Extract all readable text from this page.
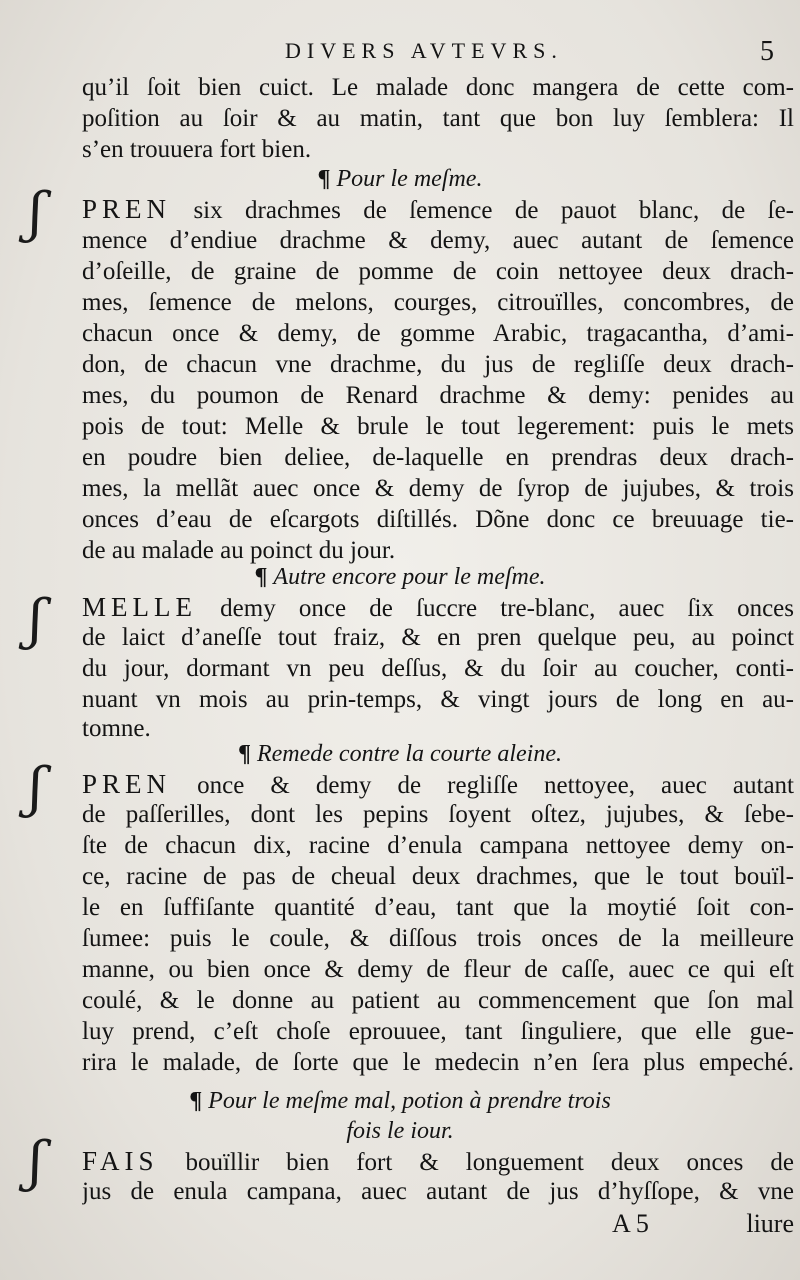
DIVERS AVTEVRS.	5
qu’il ſoit bien cuict. Le malade donc mangera de cette com-
poſition au ſoir & au matin, tant que bon luy ſemblera: Il
s’en trouuera fort bien.
¶ Pour le meſme.
ʃ	PREN six drachmes de ſemence de pauot blanc, de ſe-
mence d’endiue drachme & demy, auec autant de ſemence
d’oſeille, de graine de pomme de coin nettoyee deux drach-
mes, ſemence de melons, courges, citrouïlles, concombres, de
chacun once & demy, de gomme Arabic, tragacantha, d’ami-
don, de chacun vne drachme, du jus de regliſſe deux drach-
mes, du poumon de Renard drachme & demy: penides au
pois de tout: Melle & brule le tout legerement: puis le mets
en poudre bien deliee, de-laquelle en prendras deux drach-
mes, la mellãt auec once & demy de ſyrop de jujubes, & trois
onces d’eau de eſcargots diſtillés. Dõne donc ce breuuage tie-
de au malade au poinct du jour.
¶ Autre encore pour le meſme.
ʃ	MELLE demy once de ſuccre tre-blanc, auec ſix onces
de laict d’aneſſe tout fraiz, & en pren quelque peu, au poinct
du jour, dormant vn peu deſſus, & du ſoir au coucher, conti-
nuant vn mois au prin-temps, & vingt jours de long en au-
tomne.
¶ Remede contre la courte aleine.
ʃ	PREN once & demy de regliſſe nettoyee, auec autant
de paſſerilles, dont les pepins ſoyent oſtez, jujubes, & ſebe-
ſte de chacun dix, racine d’enula campana nettoyee demy on-
ce, racine de pas de cheual deux drachmes, que le tout bouïl-
le en ſuffiſante quantité d’eau, tant que la moytié ſoit con-
ſumee: puis le coule, & diſſous trois onces de la meilleure
manne, ou bien once & demy de fleur de caſſe, auec ce qui eſt
coulé, & le donne au patient au commencement que ſon mal
luy prend, c’eſt choſe eprouuee, tant ſinguliere, que elle gue-
rira le malade, de ſorte que le medecin n’en ſera plus empeché.
¶ Pour le meſme mal, potion à prendre trois
fois le iour.
ʃ	FAIS bouïllir bien fort & longuement deux onces de
jus de enula campana, auec autant de jus d’hyſſope, & vne
A 5	liure
